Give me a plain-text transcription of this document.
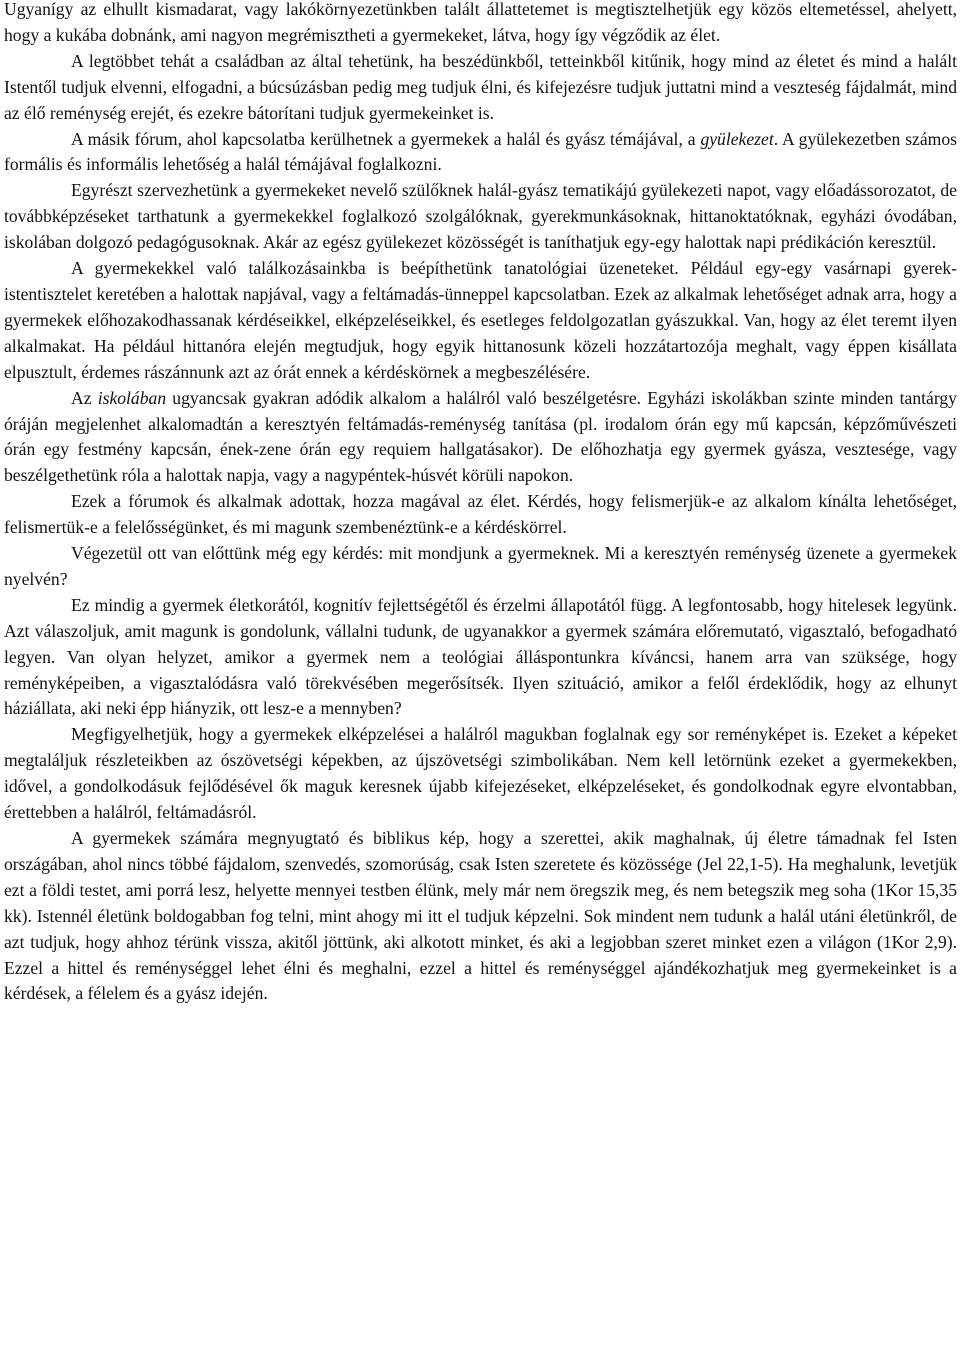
Ugyanígy az elhullt kismadarat, vagy lakókörnyezetünkben talált állattetemet is megtisztelhetjük egy közös eltemetéssel, ahelyett, hogy a kukába dobnánk, ami nagyon megrémisztheti a gyermekeket, látva, hogy így végződik az élet.

A legtöbbet tehát a családban az által tehetünk, ha beszédünkből, tetteinkből kitűnik, hogy mind az életet és mind a halált Istentől tudjuk elvenni, elfogadni, a búcsúzásban pedig meg tudjuk élni, és kifejezésre tudjuk juttatni mind a veszteség fájdalmát, mind az élő reménység erejét, és ezekre bátorítani tudjuk gyermekeinket is.

A másik fórum, ahol kapcsolatba kerülhetnek a gyermekek a halál és gyász témájával, a gyülekezet. A gyülekezetben számos formális és informális lehetőség a halál témájával foglalkozni.

Egyrészt szervezhetünk a gyermekeket nevelő szülőknek halál-gyász tematikájú gyülekezeti napot, vagy előadássorozatot, de továbbképzéseket tarthatunk a gyermekekkel foglalkozó szolgálóknak, gyerekmunkásoknak, hittanoktatóknak, egyházi óvodában, iskolában dolgozó pedagógusoknak. Akár az egész gyülekezet közösségét is taníthatjuk egy-egy halottak napi prédikáción keresztül.

A gyermekekkel való találkozásainkba is beépíthetünk tanatológiai üzeneteket. Például egy-egy vasárnapi gyerek-istentisztelet keretében a halottak napjával, vagy a feltámadás-ünneppel kapcsolatban. Ezek az alkalmak lehetőséget adnak arra, hogy a gyermekek előhozakodhassanak kérdéseikkel, elképzeléseikkel, és esetleges feldolgozatlan gyászukkal. Van, hogy az élet teremt ilyen alkalmakat. Ha például hittanóra elején megtudjuk, hogy egyik hittanosunk közeli hozzátartozója meghalt, vagy éppen kisállata elpusztult, érdemes rászánnunk azt az órát ennek a kérdéskörnek a megbeszélésére.

Az iskolában ugyancsak gyakran adódik alkalom a halálról való beszélgetésre. Egyházi iskolákban szinte minden tantárgy óráján megjelenhet alkalomadtán a keresztyén feltámadás-reménység tanítása (pl. irodalom órán egy mű kapcsán, képzőművészeti órán egy festmény kapcsán, ének-zene órán egy requiem hallgatásakor). De előhozhatja egy gyermek gyásza, vesztesége, vagy beszélgethetünk róla a halottak napja, vagy a nagypéntek-húsvét körüli napokon.

Ezek a fórumok és alkalmak adottak, hozza magával az élet. Kérdés, hogy felismerjük-e az alkalom kínálta lehetőséget, felismertük-e a felelősségünket, és mi magunk szembenéztünk-e a kérdéskörrel.

Végezetül ott van előttünk még egy kérdés: mit mondjunk a gyermeknek. Mi a keresztyén reménység üzenete a gyermekek nyelvén?

Ez mindig a gyermek életkorától, kognitív fejlettségétől és érzelmi állapotától függ. A legfontosabb, hogy hitelesek legyünk. Azt válaszoljuk, amit magunk is gondolunk, vállalni tudunk, de ugyanakkor a gyermek számára előremutató, vigasztaló, befogadható legyen. Van olyan helyzet, amikor a gyermek nem a teológiai álláspontunkra kíváncsi, hanem arra van szüksége, hogy reményképeiben, a vigasztalódásra való törekvésében megerősítsék. Ilyen szituáció, amikor a felől érdeklődik, hogy az elhunyt háziállata, aki neki épp hiányzik, ott lesz-e a mennyben?

Megfigyelhetjük, hogy a gyermekek elképzelései a halálról magukban foglalnak egy sor reményképet is. Ezeket a képeket megtaláljuk részleteikben az ószövetségi képekben, az újszövetségi szimbolikában. Nem kell letörnünk ezeket a gyermekekben, idővel, a gondolkodásuk fejlődésével ők maguk keresnek újabb kifejezéseket, elképzeléseket, és gondolkodnak egyre elvontabban, érettebben a halálról, feltámadásról.

A gyermekek számára megnyugtató és biblikus kép, hogy a szerettei, akik maghalnak, új életre támadnak fel Isten országában, ahol nincs többé fájdalom, szenvedés, szomorúság, csak Isten szeretete és közössége (Jel 22,1-5). Ha meghalunk, levetjük ezt a földi testet, ami porrá lesz, helyette mennyei testben élünk, mely már nem öregszik meg, és nem betegszik meg soha (1Kor 15,35 kk). Istennél életünk boldogabban fog telni, mint ahogy mi itt el tudjuk képzelni. Sok mindent nem tudunk a halál utáni életünkről, de azt tudjuk, hogy ahhoz térünk vissza, akitől jöttünk, aki alkotott minket, és aki a legjobban szeret minket ezen a világon (1Kor 2,9). Ezzel a hittel és reménységgel lehet élni és meghalni, ezzel a hittel és reménységgel ajándékozhatjuk meg gyermekeinket is a kérdések, a félelem és a gyász idején.
